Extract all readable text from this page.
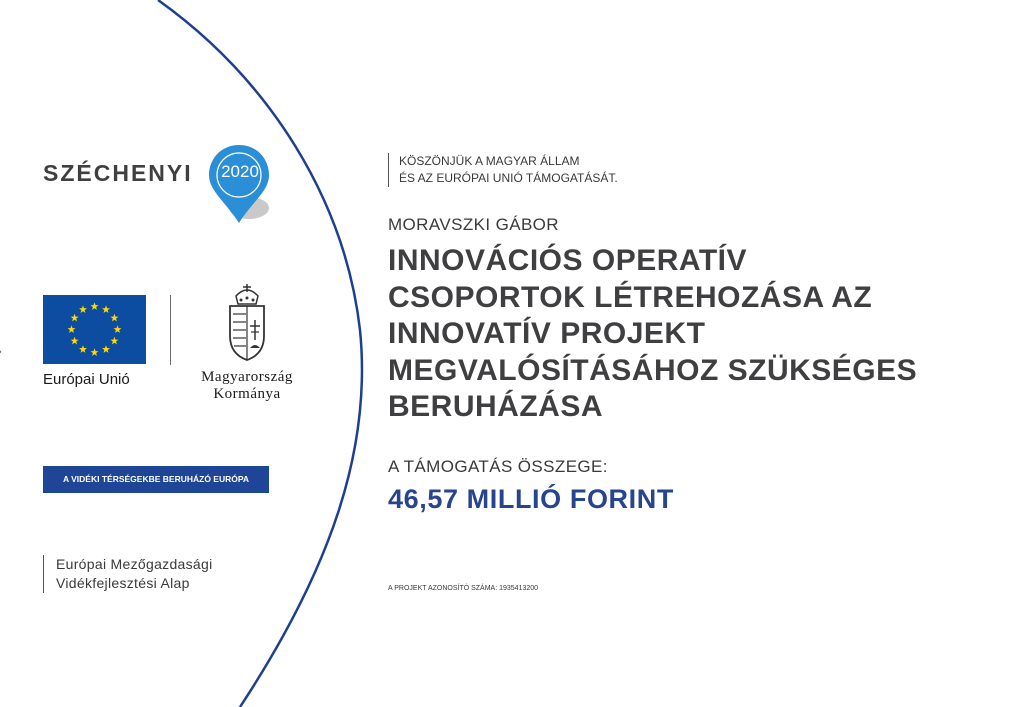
SZÉCHENYI	2020
Európai Unió	Magyarország
Kormánya
A VIDÉKI TÉRSÉGEKBE BERUHÁZÓ EURÓPA
Európai Mezőgazdasági
Vidékfejlesztési Alap
KÖSZÖNJÜK A MAGYAR ÁLLAM
ÉS AZ EURÓPAI UNIÓ TÁMOGATÁSÁT.
MORAVSZKI GÁBOR
INNOVÁCIÓS OPERATÍV
CSOPORTOK LÉTREHOZÁSA AZ
INNOVATÍV PROJEKT
MEGVALÓSÍTÁSÁHOZ SZÜKSÉGES
BERUHÁZÁSA
A TÁMOGATÁS ÖSSZEGE:
46,57 MILLIÓ FORINT
A PROJEKT AZONOSÍTÓ SZÁMA: 1935413200
